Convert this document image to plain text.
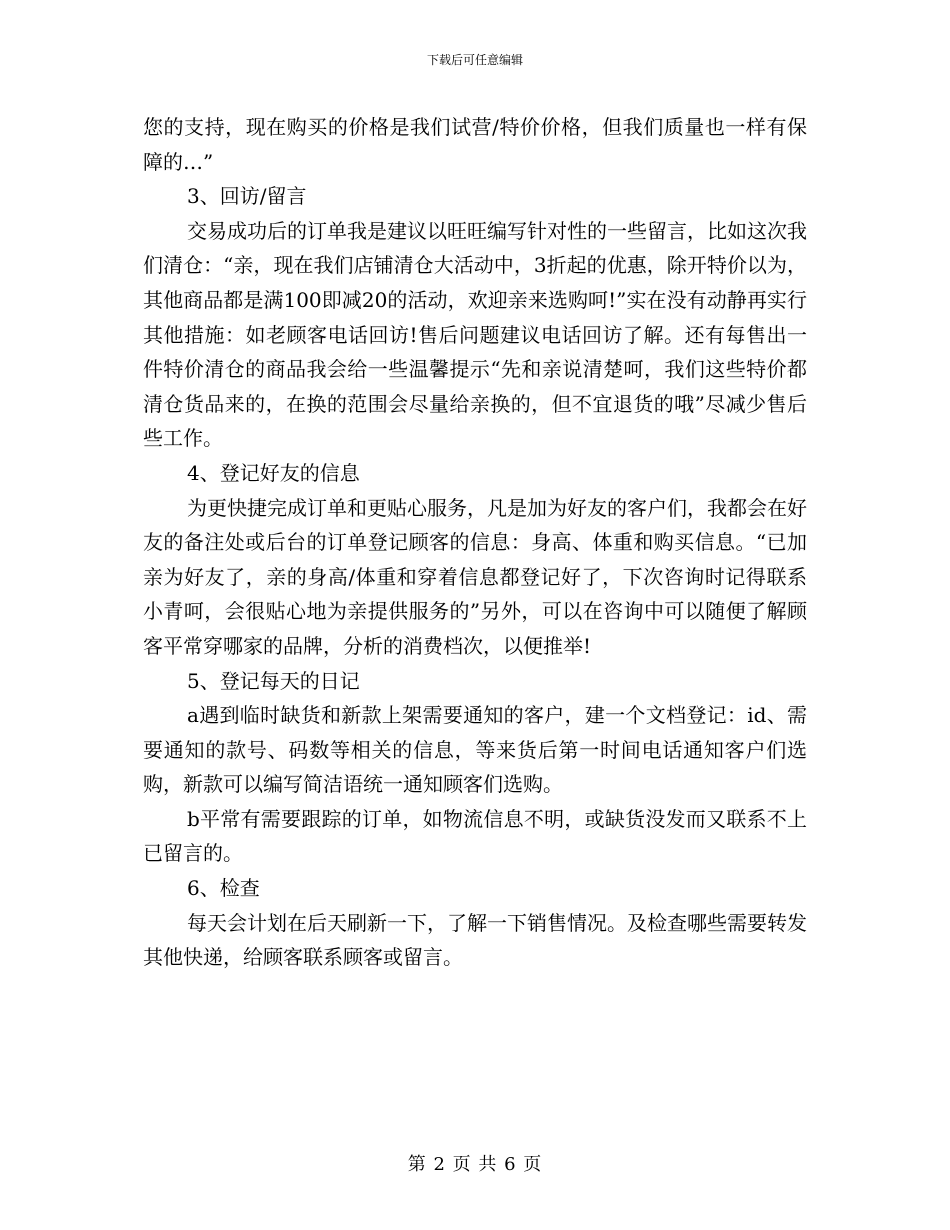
下载后可任意编辑

您的支持，现在购买的价格是我们试营/特价价格，但我们质量也一样有保障的…”

3、回访/留言

交易成功后的订单我是建议以旺旺编写针对性的一些留言，比如这次我们清仓：“亲，现在我们店铺清仓大活动中，3折起的优惠，除开特价以为，其他商品都是满100即减20的活动，欢迎亲来选购呵!”实在没有动静再实行其他措施：如老顾客电话回访!售后问题建议电话回访了解。还有每售出一件特价清仓的商品我会给一些温馨提示“先和亲说清楚呵，我们这些特价都清仓货品来的，在换的范围会尽量给亲换的，但不宜退货的哦”尽减少售后些工作。

4、登记好友的信息

为更快捷完成订单和更贴心服务，凡是加为好友的客户们，我都会在好友的备注处或后台的订单登记顾客的信息：身高、体重和购买信息。“已加亲为好友了，亲的身高/体重和穿着信息都登记好了，下次咨询时记得联系小青呵，会很贴心地为亲提供服务的”另外，可以在咨询中可以随便了解顾客平常穿哪家的品牌，分析的消费档次，以便推举!

5、登记每天的日记

a遇到临时缺货和新款上架需要通知的客户，建一个文档登记：id、需要通知的款号、码数等相关的信息，等来货后第一时间电话通知客户们选购，新款可以编写简洁语统一通知顾客们选购。

b平常有需要跟踪的订单，如物流信息不明，或缺货没发而又联系不上已留言的。

6、检查

每天会计划在后天刷新一下，了解一下销售情况。及检查哪些需要转发其他快递，给顾客联系顾客或留言。

第 2 页 共 6 页
